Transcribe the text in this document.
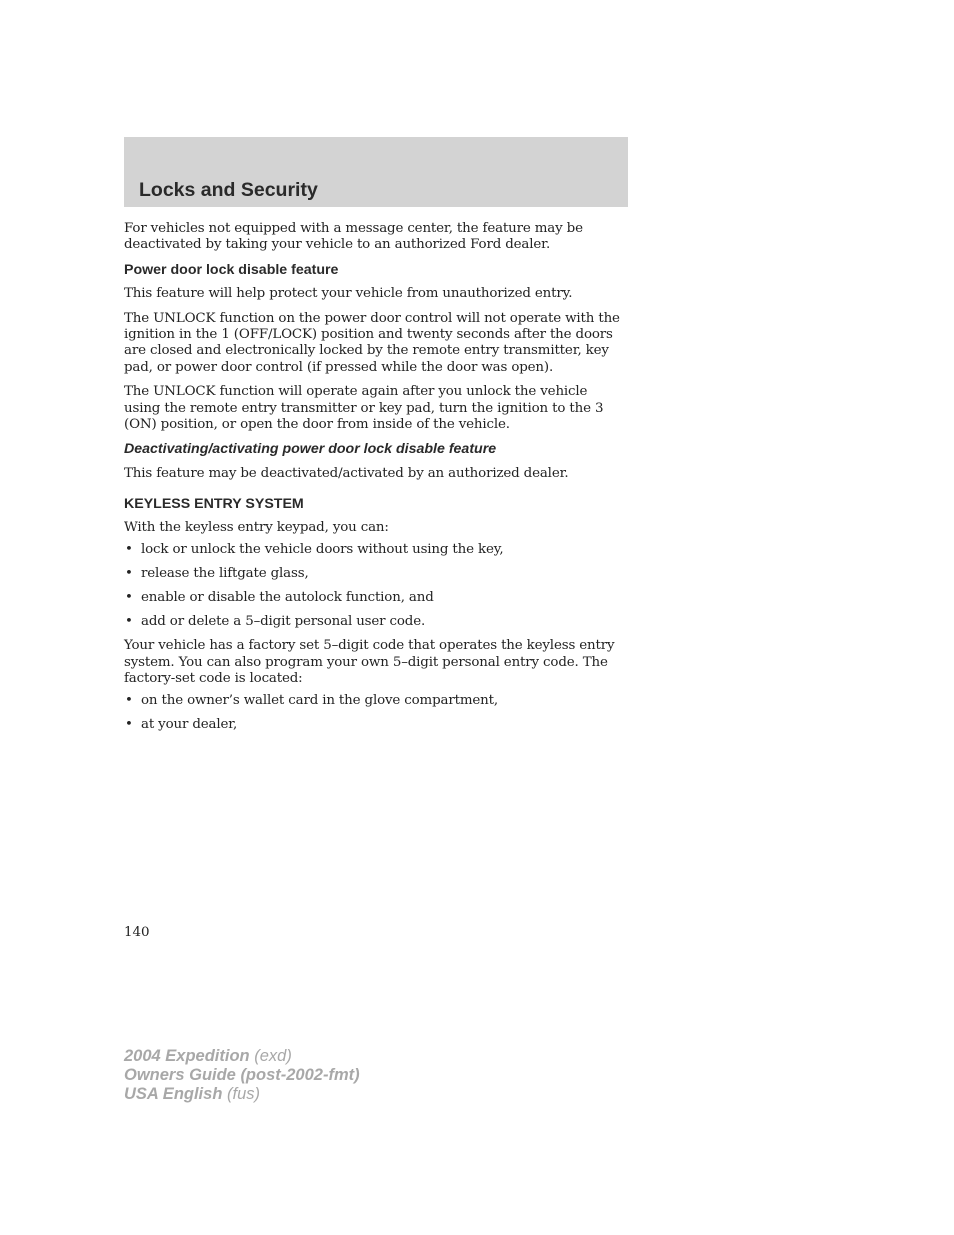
Locks and Security

For vehicles not equipped with a message center, the feature may be deactivated by taking your vehicle to an authorized Ford dealer.

Power door lock disable feature

This feature will help protect your vehicle from unauthorized entry.

The UNLOCK function on the power door control will not operate with the ignition in the 1 (OFF/LOCK) position and twenty seconds after the doors are closed and electronically locked by the remote entry transmitter, key pad, or power door control (if pressed while the door was open).

The UNLOCK function will operate again after you unlock the vehicle using the remote entry transmitter or key pad, turn the ignition to the 3 (ON) position, or open the door from inside of the vehicle.

Deactivating/activating power door lock disable feature

This feature may be deactivated/activated by an authorized dealer.

KEYLESS ENTRY SYSTEM

With the keyless entry keypad, you can:

• lock or unlock the vehicle doors without using the key,
• release the liftgate glass,
• enable or disable the autolock function, and
• add or delete a 5–digit personal user code.

Your vehicle has a factory set 5–digit code that operates the keyless entry system. You can also program your own 5–digit personal entry code. The factory-set code is located:

• on the owner’s wallet card in the glove compartment,
• at your dealer,
140
2004 Expedition (exd)
Owners Guide (post-2002-fmt)
USA English (fus)
